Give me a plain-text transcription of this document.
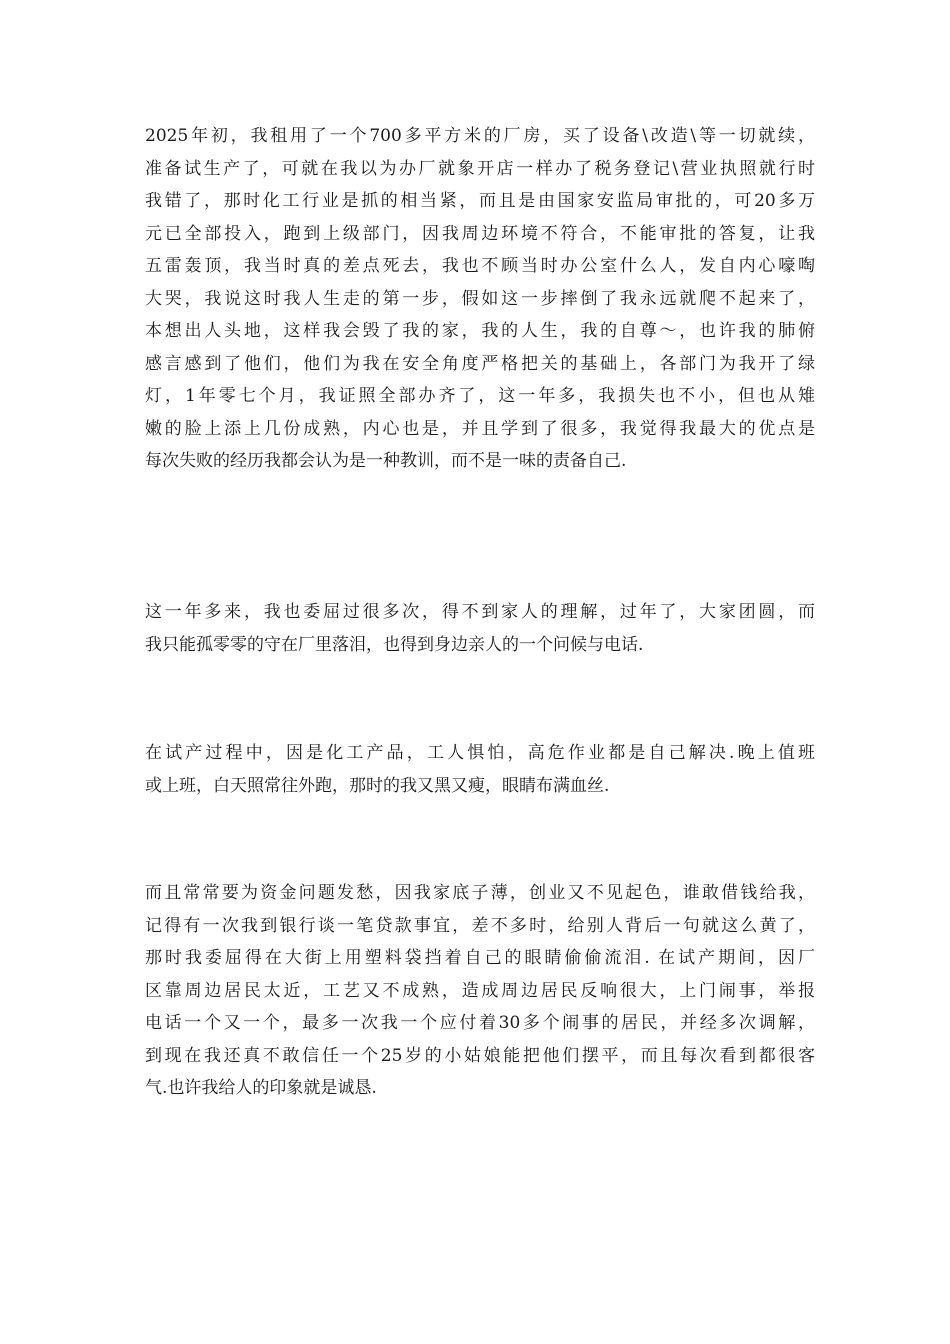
2025年初，我租用了一个700多平方米的厂房，买了设备\改造\等一切就续，
准备试生产了，可就在我以为办厂就象开店一样办了税务登记\营业执照就行时
我错了，那时化工行业是抓的相当紧，而且是由国家安监局审批的，可20多万
元已全部投入，跑到上级部门，因我周边环境不符合，不能审批的答复，让我
五雷轰顶，我当时真的差点死去，我也不顾当时办公室什么人，发自内心嚎啕
大哭，我说这时我人生走的第一步，假如这一步摔倒了我永远就爬不起来了，
本想出人头地，这样我会毁了我的家，我的人生，我的自尊～，也许我的肺俯
感言感到了他们，他们为我在安全角度严格把关的基础上，各部门为我开了绿
灯，1年零七个月，我证照全部办齐了，这一年多，我损失也不小，但也从雉
嫩的脸上添上几份成熟，内心也是，并且学到了很多，我觉得我最大的优点是
每次失败的经历我都会认为是一种教训，而不是一味的责备自己.
这一年多来，我也委屈过很多次，得不到家人的理解，过年了，大家团圆，而
我只能孤零零的守在厂里落泪，也得到身边亲人的一个问候与电话.
在试产过程中，因是化工产品，工人惧怕，高危作业都是自己解决.晚上值班
或上班，白天照常往外跑，那时的我又黑又瘦，眼睛布满血丝.
而且常常要为资金问题发愁，因我家底子薄，创业又不见起色，谁敢借钱给我，
记得有一次我到银行谈一笔贷款事宜，差不多时，给别人背后一句就这么黄了，
那时我委屈得在大街上用塑料袋挡着自己的眼睛偷偷流泪. 在试产期间，因厂
区靠周边居民太近，工艺又不成熟，造成周边居民反响很大，上门闹事，举报
电话一个又一个，最多一次我一个应付着30多个闹事的居民，并经多次调解，
到现在我还真不敢信任一个25岁的小姑娘能把他们摆平，而且每次看到都很客
气.也许我给人的印象就是诚恳.
